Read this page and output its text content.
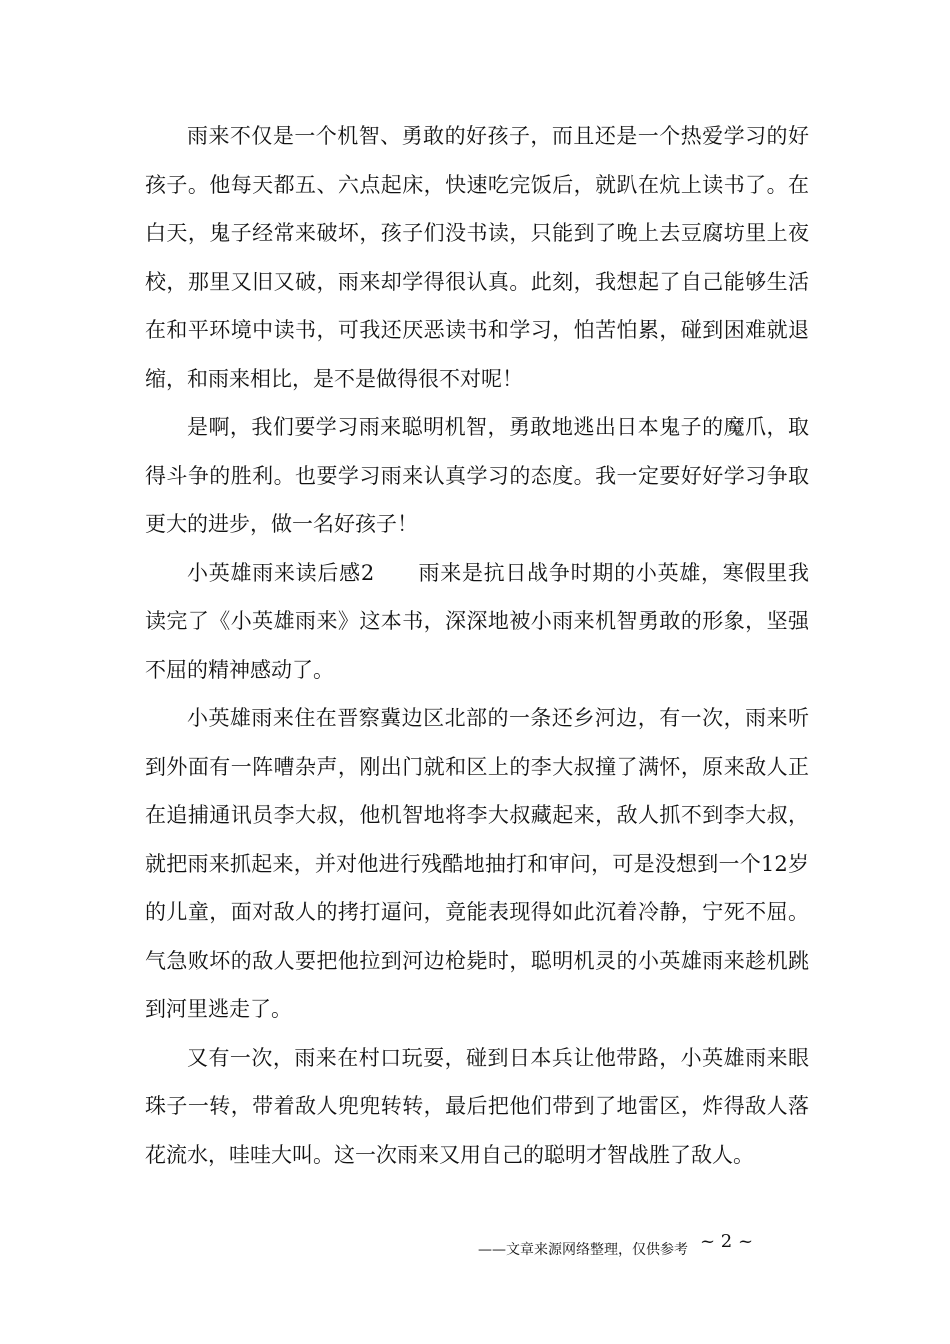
雨来不仅是一个机智、勇敢的好孩子，而且还是一个热爱学习的好孩子。他每天都五、六点起床，快速吃完饭后，就趴在炕上读书了。在白天，鬼子经常来破坏，孩子们没书读，只能到了晚上去豆腐坊里上夜校，那里又旧又破，雨来却学得很认真。此刻，我想起了自己能够生活在和平环境中读书，可我还厌恶读书和学习，怕苦怕累，碰到困难就退缩，和雨来相比，是不是做得很不对呢！

是啊，我们要学习雨来聪明机智，勇敢地逃出日本鬼子的魔爪，取得斗争的胜利。也要学习雨来认真学习的态度。我一定要好好学习争取更大的进步，做一名好孩子！

小英雄雨来读后感2　　雨来是抗日战争时期的小英雄，寒假里我读完了《小英雄雨来》这本书，深深地被小雨来机智勇敢的形象，坚强不屈的精神感动了。

小英雄雨来住在晋察冀边区北部的一条还乡河边，有一次，雨来听到外面有一阵嘈杂声，刚出门就和区上的李大叔撞了满怀，原来敌人正在追捕通讯员李大叔，他机智地将李大叔藏起来，敌人抓不到李大叔，就把雨来抓起来，并对他进行残酷地抽打和审问，可是没想到一个12岁的儿童，面对敌人的拷打逼问，竟能表现得如此沉着冷静，宁死不屈。气急败坏的敌人要把他拉到河边枪毙时，聪明机灵的小英雄雨来趁机跳到河里逃走了。

又有一次，雨来在村口玩耍，碰到日本兵让他带路，小英雄雨来眼珠子一转，带着敌人兜兜转转，最后把他们带到了地雷区，炸得敌人落花流水，哇哇大叫。这一次雨来又用自己的聪明才智战胜了敌人。

——文章来源网络整理，仅供参考 ~ 2 ~
